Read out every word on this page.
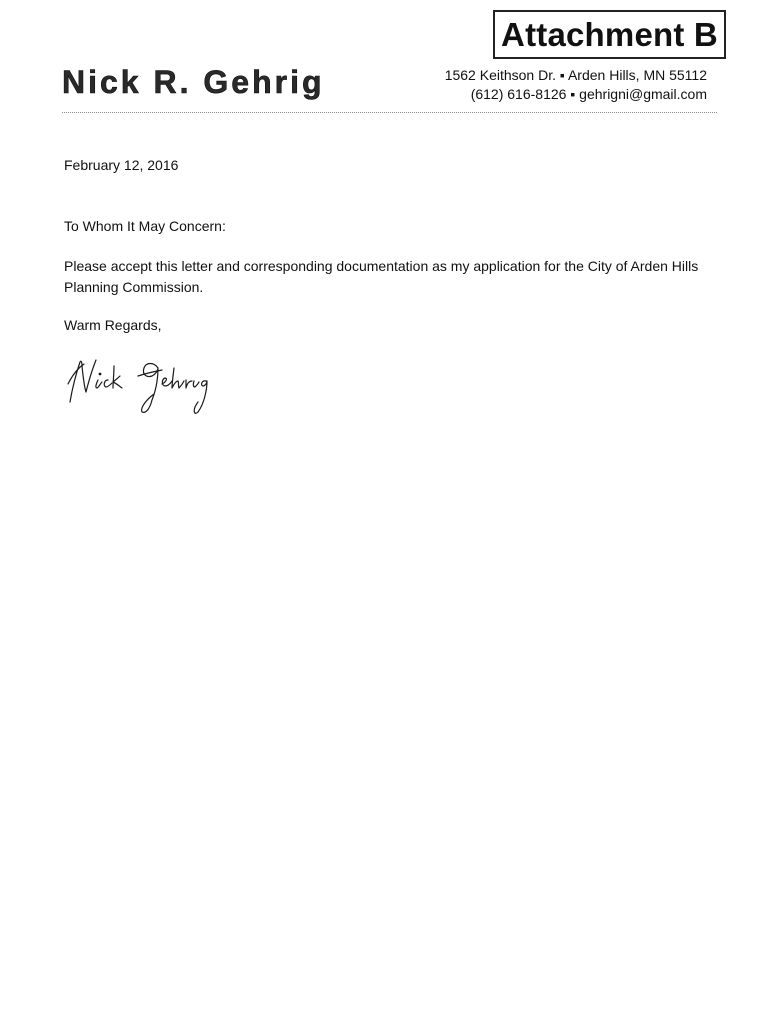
Attachment B
Nick R. Gehrig	1562 Keithson Dr. ▪ Arden Hills, MN 55112
(612) 616-8126 ▪ gehrigni@gmail.com
February 12, 2016
To Whom It May Concern:
Please accept this letter and corresponding documentation as my application for the City of Arden Hills
Planning Commission.
Warm Regards,
